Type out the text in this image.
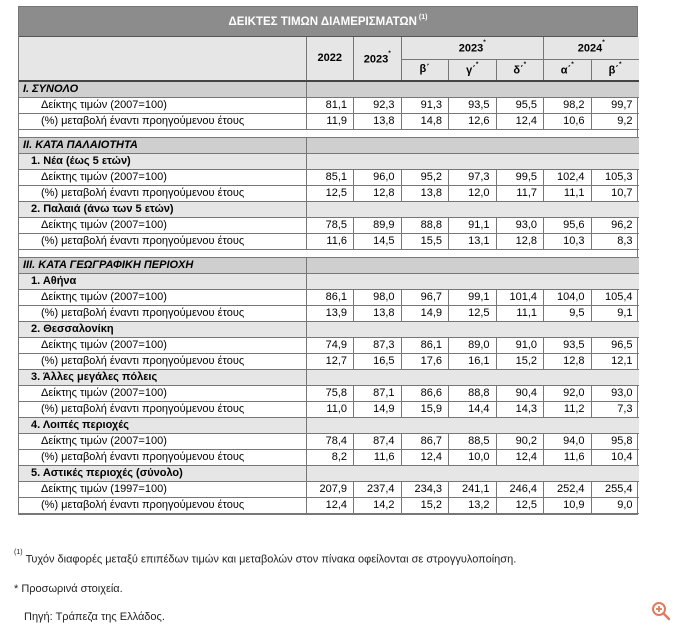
ΔΕΙΚΤΕΣ ΤΙΜΩΝ ΔΙΑΜΕΡΙΣΜΑΤΩΝ $^{(1)}$
	2022	2023*	2023*			2024*
			β΄	γ΄*	δ΄*	α΄*	β΄*
I. ΣΥΝΟΛΟ							
Δείκτης τιμών (2007=100)	81,1	92,3	91,3	93,5	95,5	98,2	99,7
(%) μεταβολή έναντι προηγούμενου έτους	11,9	13,8	14,8	12,6	12,4	10,6	9,2

II. ΚΑΤΑ ΠΑΛΑΙΟΤΗΤΑ							
1. Νέα (έως 5 ετών)							
Δείκτης τιμών (2007=100)	85,1	96,0	95,2	97,3	99,5	102,4	105,3
(%) μεταβολή έναντι προηγούμενου έτους	12,5	12,8	13,8	12,0	11,7	11,1	10,7
2. Παλαιά (άνω των 5 ετών)							
Δείκτης τιμών (2007=100)	78,5	89,9	88,8	91,1	93,0	95,6	96,2
(%) μεταβολή έναντι προηγούμενου έτους	11,6	14,5	15,5	13,1	12,8	10,3	8,3

III. ΚΑΤΑ ΓΕΩΓΡΑΦΙΚΗ ΠΕΡΙΟΧΗ							
1. Αθήνα							
Δείκτης τιμών (2007=100)	86,1	98,0	96,7	99,1	101,4	104,0	105,4
(%) μεταβολή έναντι προηγούμενου έτους	13,9	13,8	14,9	12,5	11,1	9,5	9,1
2. Θεσσαλονίκη							
Δείκτης τιμών (2007=100)	74,9	87,3	86,1	89,0	91,0	93,5	96,5
(%) μεταβολή έναντι προηγούμενου έτους	12,7	16,5	17,6	16,1	15,2	12,8	12,1
3. Άλλες μεγάλες πόλεις							
Δείκτης τιμών (2007=100)	75,8	87,1	86,6	88,8	90,4	92,0	93,0
(%) μεταβολή έναντι προηγούμενου έτους	11,0	14,9	15,9	14,4	14,3	11,2	7,3
4. Λοιπές περιοχές							
Δείκτης τιμών (2007=100)	78,4	87,4	86,7	88,5	90,2	94,0	95,8
(%) μεταβολή έναντι προηγούμενου έτους	8,2	11,6	12,4	10,0	12,4	11,6	10,4
5. Αστικές περιοχές (σύνολο)							
Δείκτης τιμών (1997=100)	207,9	237,4	234,3	241,1	246,4	252,4	255,4
(%) μεταβολή έναντι προηγούμενου έτους	12,4	14,2	15,2	13,2	12,5	10,9	9,0
$^{(1)}$Τυχόν διαφορές μεταξύ επιπέδων τιμών και μεταβολών στον πίνακα οφείλονται σε στρογγυλοποίηση.
* Προσωρινά στοιχεία.
Πηγή: Τράπεζα της Ελλάδος.
